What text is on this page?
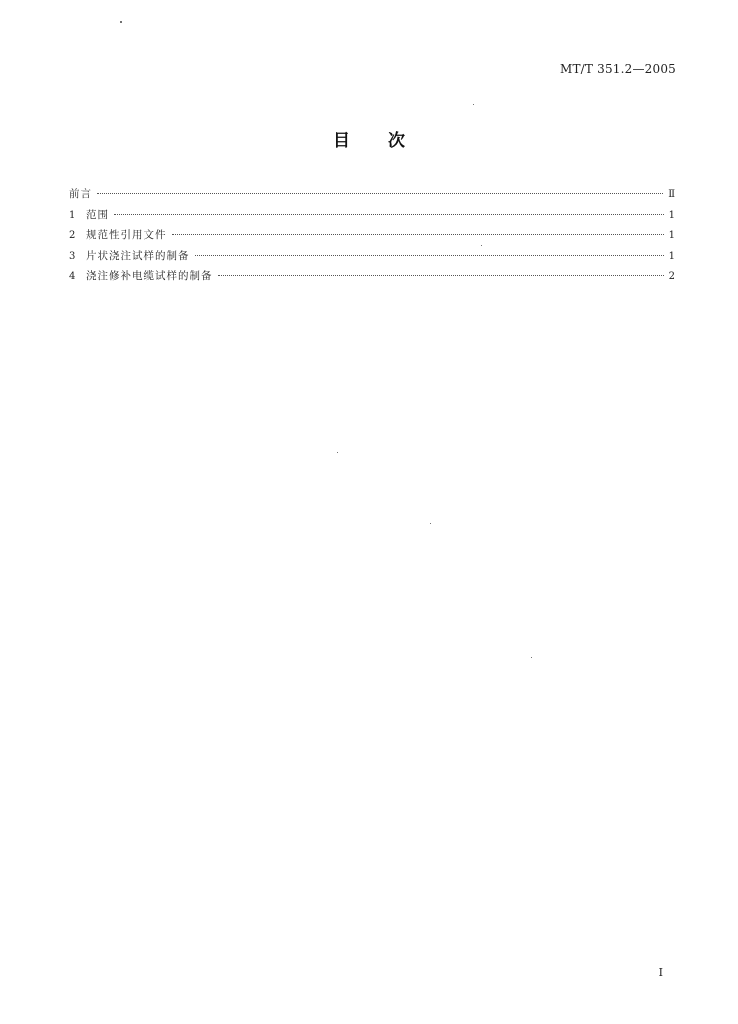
MT/T 351.2—2005
目次
前言	Ⅱ
1	范围	1
2	规范性引用文件	1
3	片状浇注试样的制备	1
4	浇注修补电缆试样的制备	2
I
